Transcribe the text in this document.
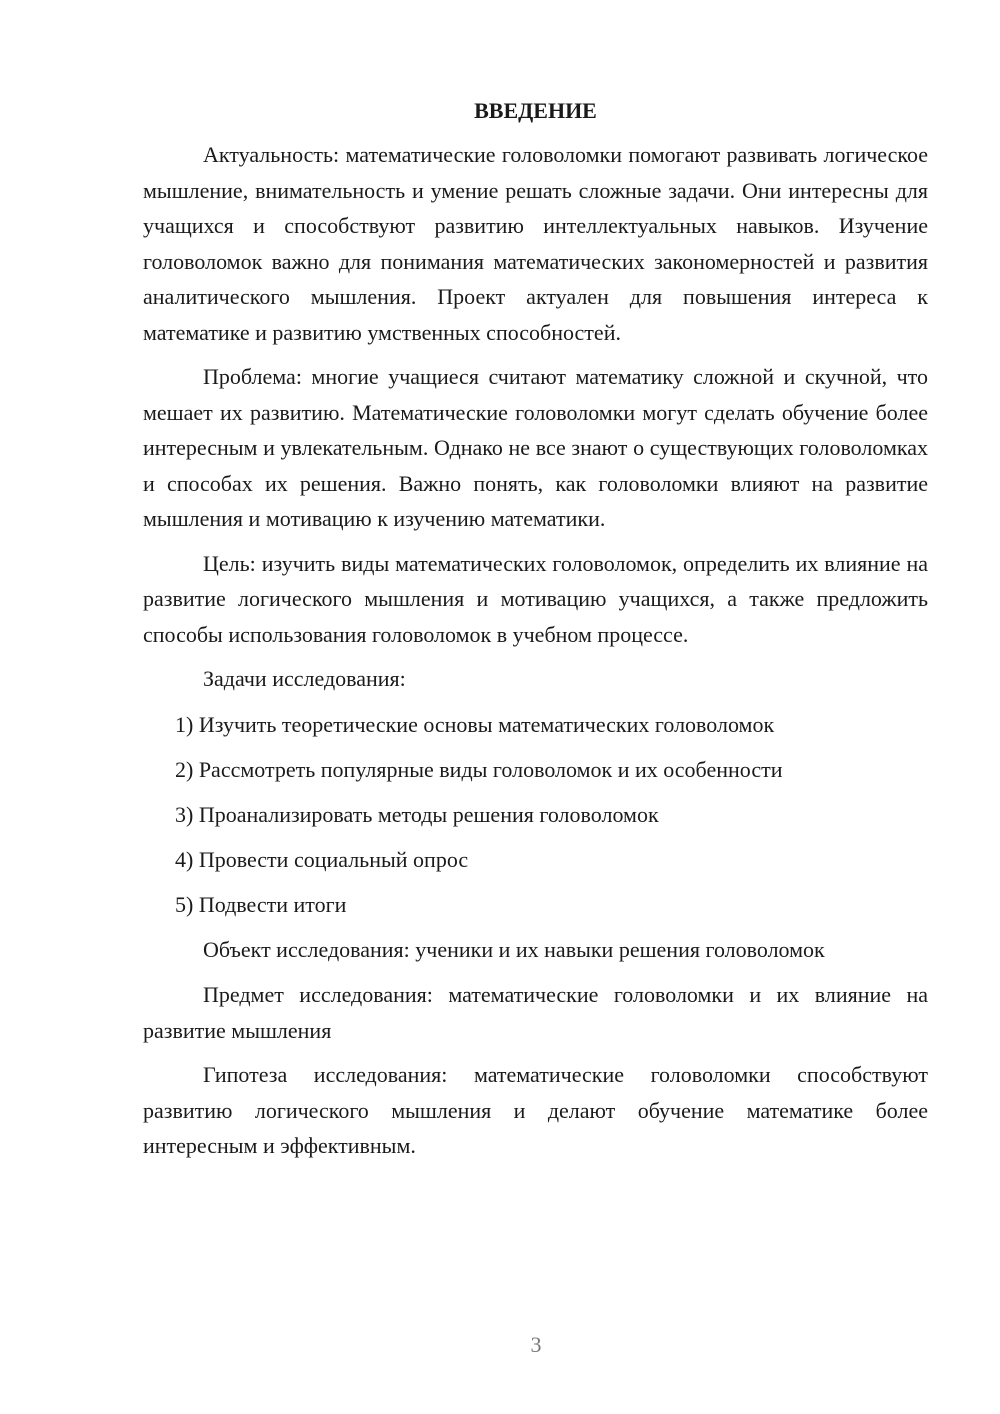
ВВЕДЕНИЕ

Актуальность: математические головоломки помогают развивать логическое мышление, внимательность и умение решать сложные задачи. Они интересны для учащихся и способствуют развитию интеллектуальных навыков. Изучение головоломок важно для понимания математических закономерностей и развития аналитического мышления. Проект актуален для повышения интереса к математике и развитию умственных способностей.

Проблема: многие учащиеся считают математику сложной и скучной, что мешает их развитию. Математические головоломки могут сделать обучение более интересным и увлекательным. Однако не все знают о существующих головоломках и способах их решения. Важно понять, как головоломки влияют на развитие мышления и мотивацию к изучению математики.

Цель: изучить виды математических головоломок, определить их влияние на развитие логического мышления и мотивацию учащихся, а также предложить способы использования головоломок в учебном процессе.

Задачи исследования:

1) Изучить теоретические основы математических головоломок
2) Рассмотреть популярные виды головоломок и их особенности
3) Проанализировать методы решения головоломок
4) Провести социальный опрос
5) Подвести итоги

Объект исследования: ученики и их навыки решения головоломок

Предмет исследования: математические головоломки и их влияние на развитие мышления

Гипотеза исследования: математические головоломки способствуют развитию логического мышления и делают обучение математике более интересным и эффективным.

3
